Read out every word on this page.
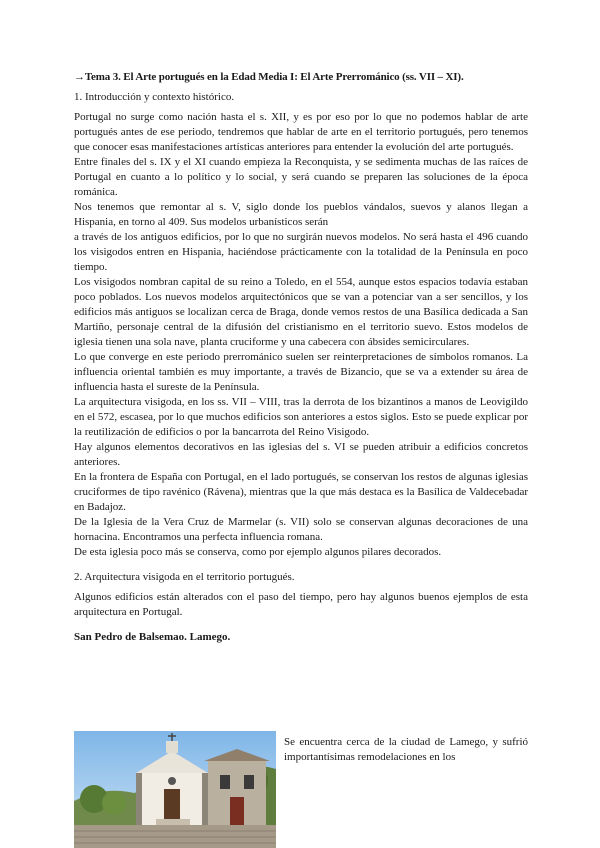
→Tema 3. El Arte portugués en la Edad Media I: El Arte Prerrománico (ss. VII – XI).

1. Introducción y contexto histórico.

Portugal no surge como nación hasta el s. XII, y es por eso por lo que no podemos hablar de arte portugués antes de ese periodo, tendremos que hablar de arte en el territorio portugués, pero tenemos que conocer esas manifestaciones artísticas anteriores para entender la evolución del arte portugués.

Entre finales del s. IX y el XI cuando empieza la Reconquista, y se sedimenta muchas de las raíces de Portugal en cuanto a lo político y lo social, y será cuando se preparen las soluciones de la época románica.

Nos tenemos que remontar al s. V, siglo donde los pueblos vándalos, suevos y alanos llegan a Hispania, en torno al 409. Sus modelos urbanísticos serán

a través de los antiguos edificios, por lo que no surgirán nuevos modelos. No será hasta el 496 cuando los visigodos entren en Hispania, haciéndose prácticamente con la totalidad de la Península en poco tiempo.

Los visigodos nombran capital de su reino a Toledo, en el 554, aunque estos espacios todavía estaban poco poblados. Los nuevos modelos arquitectónicos que se van a potenciar van a ser sencillos, y los edificios más antiguos se localizan cerca de Braga, donde vemos restos de una Basílica dedicada a San Martiño, personaje central de la difusión del cristianismo en el territorio suevo. Estos modelos de iglesia tienen una sola nave, planta cruciforme y una cabecera con ábsides semicirculares.

Lo que converge en este periodo prerrománico suelen ser reinterpretaciones de símbolos romanos. La influencia oriental también es muy importante, a través de Bizancio, que se va a extender su área de influencia hasta el sureste de la Península.

La arquitectura visigoda, en los ss. VII – VIII, tras la derrota de los bizantinos a manos de Leovigildo en el 572, escasea, por lo que muchos edificios son anteriores a estos siglos. Esto se puede explicar por la reutilización de edificios o por la bancarrota del Reino Visigodo.

Hay algunos elementos decorativos en las iglesias del s. VI se pueden atribuir a edificios concretos anteriores.

En la frontera de España con Portugal, en el lado portugués, se conservan los restos de algunas iglesias cruciformes de tipo ravénico (Rávena), mientras que la que más destaca es la Basílica de Valdecebadar en Badajoz.

De la Iglesia de la Vera Cruz de Marmelar (s. VII) solo se conservan algunas decoraciones de una hornacina. Encontramos una perfecta influencia romana.

De esta iglesia poco más se conserva, como por ejemplo algunos pilares decorados.

2. Arquitectura visigoda en el territorio portugués.

Algunos edificios están alterados con el paso del tiempo, pero hay algunos buenos ejemplos de esta arquitectura en Portugal.

San Pedro de Balsemao. Lamego.

Se encuentra cerca de la ciudad de Lamego, y sufrió importantísimas remodelaciones en los
